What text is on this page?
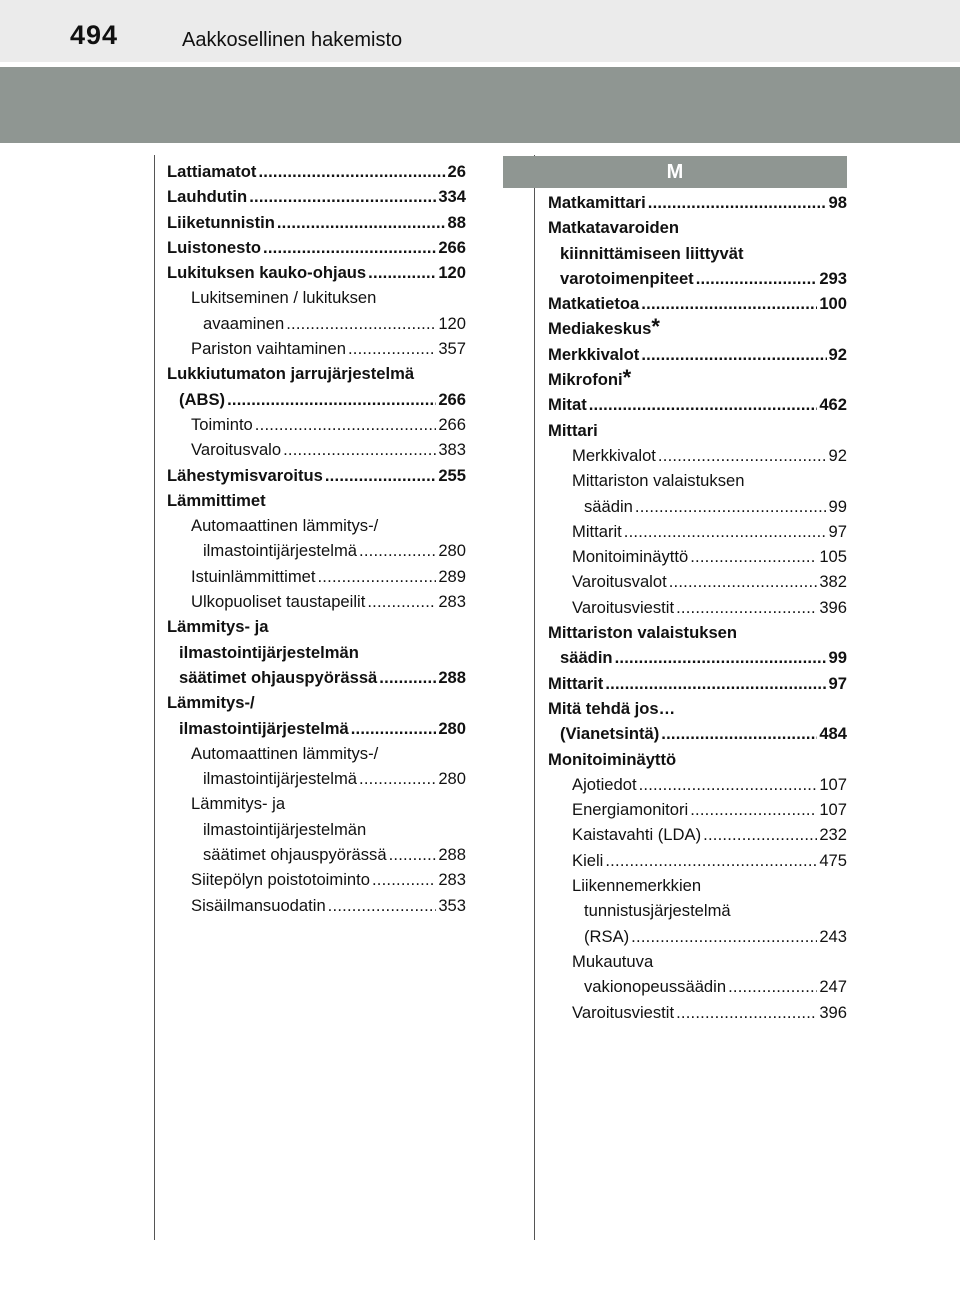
494	Aakkosellinen hakemisto
M
Lattiamatot . . .	26
Lauhdutin . . .	334
Liiketunnistin . . .	88
Luistonesto . . .	266
Lukituksen kauko-ohjaus . . .	120
Lukitseminen / lukituksen
avaaminen . . .	120
Pariston vaihtaminen . . .	357
Lukkiutumaton jarrujärjestelmä
(ABS) . . .	266
Toiminto . . .	266
Varoitusvalo . . .	383
Lähestymisvaroitus . . .	255
Lämmittimet
Automaattinen lämmitys-/
ilmastointijärjestelmä . . .	280
Istuinlämmittimet . . .	289
Ulkopuoliset taustapeilit . . .	283
Lämmitys- ja
ilmastointijärjestelmän
säätimet ohjauspyörässä . . .	288
Lämmitys-/
ilmastointijärjestelmä . . .	280
Automaattinen lämmitys-/
ilmastointijärjestelmä . . .	280
Lämmitys- ja
ilmastointijärjestelmän
säätimet ohjauspyörässä . . .	288
Siitepölyn poistotoiminto . . .	283
Sisäilmansuodatin . . .	353
Matkamittari . . .	98
Matkatavaroiden
kiinnittämiseen liittyvät
varotoimenpiteet . . .	293
Matkatietoa . . .	100
Mediakeskus *
Merkkivalot . . .	92
Mikrofoni *
Mitat . . .	462
Mittari
Merkkivalot . . .	92
Mittariston valaistuksen
säädin . . .	99
Mittarit . . .	97
Monitoiminäyttö . . .	105
Varoitusvalot . . .	382
Varoitusviestit . . .	396
Mittariston valaistuksen
säädin . . .	99
Mittarit . . .	97
Mitä tehdä jos…
(Vianetsintä) . . .	484
Monitoiminäyttö
Ajotiedot . . .	107
Energiamonitori . . .	107
Kaistavahti (LDA) . . .	232
Kieli . . .	475
Liikennemerkkien
tunnistusjärjestelmä
(RSA) . . .	243
Mukautuva
vakionopeussäädin . . .	247
Varoitusviestit . . .	396
